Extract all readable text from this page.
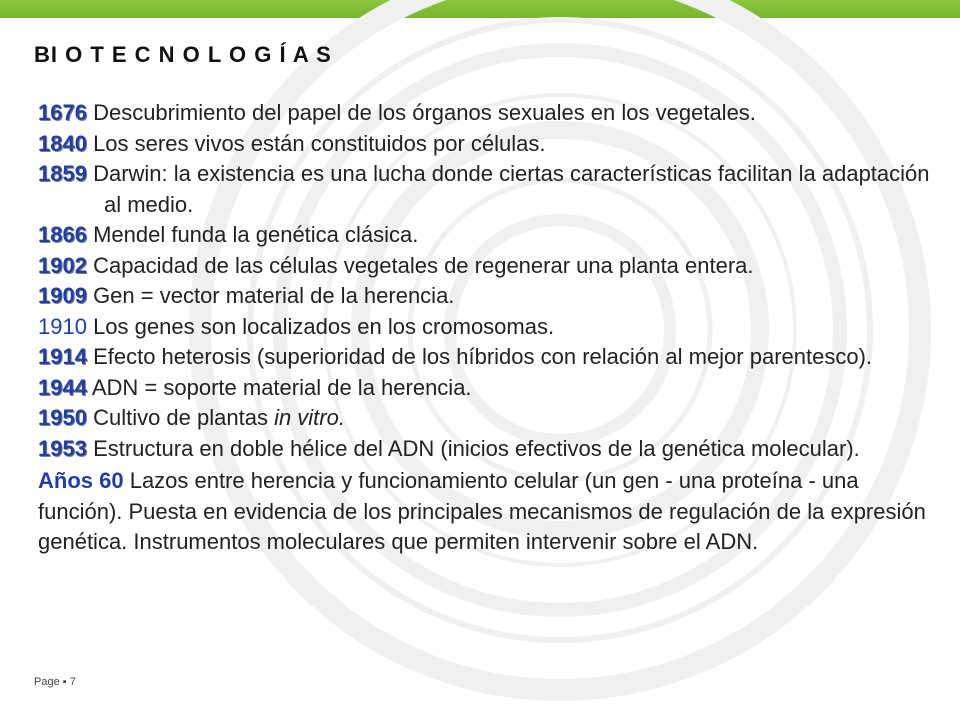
BI O T E C N O L O G Í A S
1676 Descubrimiento del papel de los órganos sexuales en los vegetales.
1840 Los seres vivos están constituidos por células.
1859 Darwin: la existencia es una lucha donde ciertas características facilitan la adaptación al medio.
1866 Mendel funda la genética clásica.
1902 Capacidad de las células vegetales de regenerar una planta entera.
1909 Gen = vector material de la herencia.
1910 Los genes son localizados en los cromosomas.
1914 Efecto heterosis (superioridad de los híbridos con relación al mejor parentesco).
1944 ADN = soporte material de la herencia.
1950 Cultivo de plantas in vitro.
1953 Estructura en doble hélice del ADN (inicios efectivos de la genética molecular).
Años 60 Lazos entre herencia y funcionamiento celular (un gen - una proteína - una función). Puesta en evidencia de los principales mecanismos de regulación de la expresión genética. Instrumentos moleculares que permiten intervenir sobre el ADN.
Page ▪ 7
